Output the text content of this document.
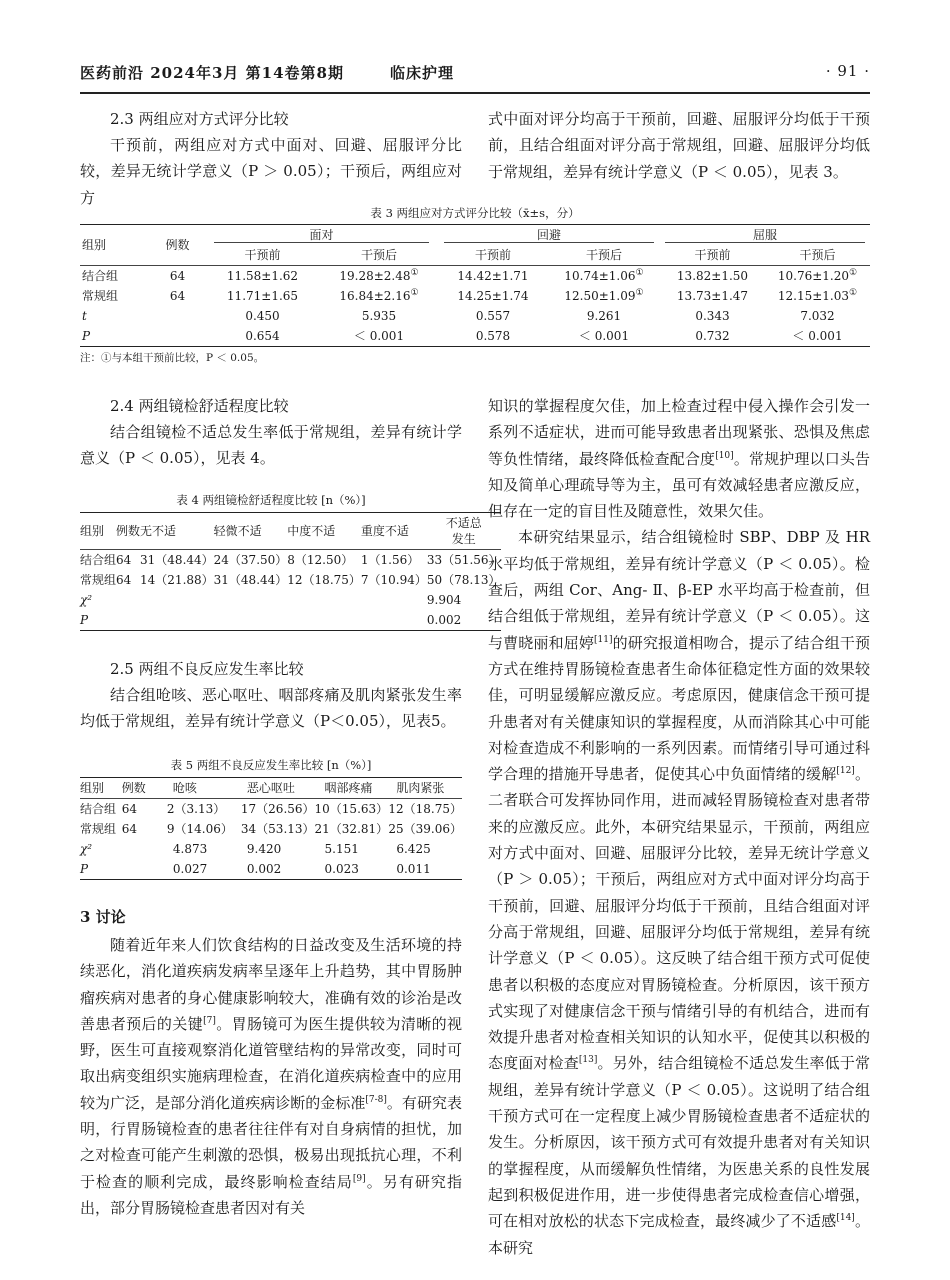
医药前沿 2024年3月 第14卷第8期	临床护理	· 91 ·

2.3 两组应对方式评分比较

干预前，两组应对方式中面对、回避、屈服评分比较，差异无统计学意义（P ＞ 0.05）；干预后，两组应对方

式中面对评分均高于干预前，回避、屈服评分均低于干预前，且结合组面对评分高于常规组，回避、屈服评分均低于常规组，差异有统计学意义（P ＜ 0.05），见表 3。

表 3 两组应对方式评分比较（x̄±s，分）
组别	例数	面对		回避		屈服	
		干预前	干预后	干预前	干预后	干预前	干预后
结合组	64	11.58±1.62	19.28±2.48①	14.42±1.71	10.74±1.06①	13.82±1.50	10.76±1.20①
常规组	64	11.71±1.65	16.84±2.16①	14.25±1.74	12.50±1.09①	13.73±1.47	12.15±1.03①
t		0.450	5.935	0.557	9.261	0.343	7.032
P		0.654	＜ 0.001	0.578	＜ 0.001	0.732	＜ 0.001
注：①与本组干预前比较，P ＜ 0.05。

2.4 两组镜检舒适程度比较

结合组镜检不适总发生率低于常规组，差异有统计学意义（P ＜ 0.05），见表 4。

表 4 两组镜检舒适程度比较 [n（%）]
组别	例数	无不适	轻微不适	中度不适	重度不适	不适总
发生
结合组	64	31（48.44）	24（37.50）	8（12.50）	1（1.56）	33（51.56）
常规组	64	14（21.88）	31（48.44）	12（18.75）	7（10.94）	50（78.13）
χ²						9.904
P						0.002

2.5 两组不良反应发生率比较

结合组呛咳、恶心呕吐、咽部疼痛及肌肉紧张发生率均低于常规组，差异有统计学意义（P＜0.05），见表5。

表 5 两组不良反应发生率比较 [n（%）]
组别	例数	呛咳	恶心呕吐	咽部疼痛	肌肉紧张
结合组	64	2（3.13）	17（26.56）	10（15.63）	12（18.75）
常规组	64	9（14.06）	34（53.13）	21（32.81）	25（39.06）
χ²		4.873	9.420	5.151	6.425
P		0.027	0.002	0.023	0.011

3 讨论

随着近年来人们饮食结构的日益改变及生活环境的持续恶化，消化道疾病发病率呈逐年上升趋势，其中胃肠肿瘤疾病对患者的身心健康影响较大，准确有效的诊治是改善患者预后的关键[7]。胃肠镜可为医生提供较为清晰的视野，医生可直接观察消化道管壁结构的异常改变，同时可取出病变组织实施病理检查，在消化道疾病检查中的应用较为广泛，是部分消化道疾病诊断的金标准[7-8]。有研究表明，行胃肠镜检查的患者往往伴有对自身病情的担忧，加之对检查可能产生刺激的恐惧，极易出现抵抗心理，不利于检查的顺利完成，最终影响检查结局[9]。另有研究指出，部分胃肠镜检查患者因对有关

知识的掌握程度欠佳，加上检查过程中侵入操作会引发一系列不适症状，进而可能导致患者出现紧张、恐惧及焦虑等负性情绪，最终降低检查配合度[10]。常规护理以口头告知及简单心理疏导等为主，虽可有效减轻患者应激反应，但存在一定的盲目性及随意性，效果欠佳。

本研究结果显示，结合组镜检时 SBP、DBP 及 HR 水平均低于常规组，差异有统计学意义（P ＜ 0.05）。检查后，两组 Cor、Ang- Ⅱ、β-EP 水平均高于检查前，但结合组低于常规组，差异有统计学意义（P ＜ 0.05）。这与曹晓丽和屈婷[11]的研究报道相吻合，提示了结合组干预方式在维持胃肠镜检查患者生命体征稳定性方面的效果较佳，可明显缓解应激反应。考虑原因，健康信念干预可提升患者对有关健康知识的掌握程度，从而消除其心中可能对检查造成不利影响的一系列因素。而情绪引导可通过科学合理的措施开导患者，促使其心中负面情绪的缓解[12]。二者联合可发挥协同作用，进而减轻胃肠镜检查对患者带来的应激反应。此外，本研究结果显示，干预前，两组应对方式中面对、回避、屈服评分比较，差异无统计学意义（P ＞ 0.05）；干预后，两组应对方式中面对评分均高于干预前，回避、屈服评分均低于干预前，且结合组面对评分高于常规组，回避、屈服评分均低于常规组，差异有统计学意义（P ＜ 0.05）。这反映了结合组干预方式可促使患者以积极的态度应对胃肠镜检查。分析原因，该干预方式实现了对健康信念干预与情绪引导的有机结合，进而有效提升患者对检查相关知识的认知水平，促使其以积极的态度面对检查[13]。另外，结合组镜检不适总发生率低于常规组，差异有统计学意义（P ＜ 0.05）。这说明了结合组干预方式可在一定程度上减少胃肠镜检查患者不适症状的发生。分析原因，该干预方式可有效提升患者对有关知识的掌握程度，从而缓解负性情绪，为医患关系的良性发展起到积极促进作用，进一步使得患者完成检查信心增强，可在相对放松的状态下完成检查，最终减少了不适感[14]。本研究
